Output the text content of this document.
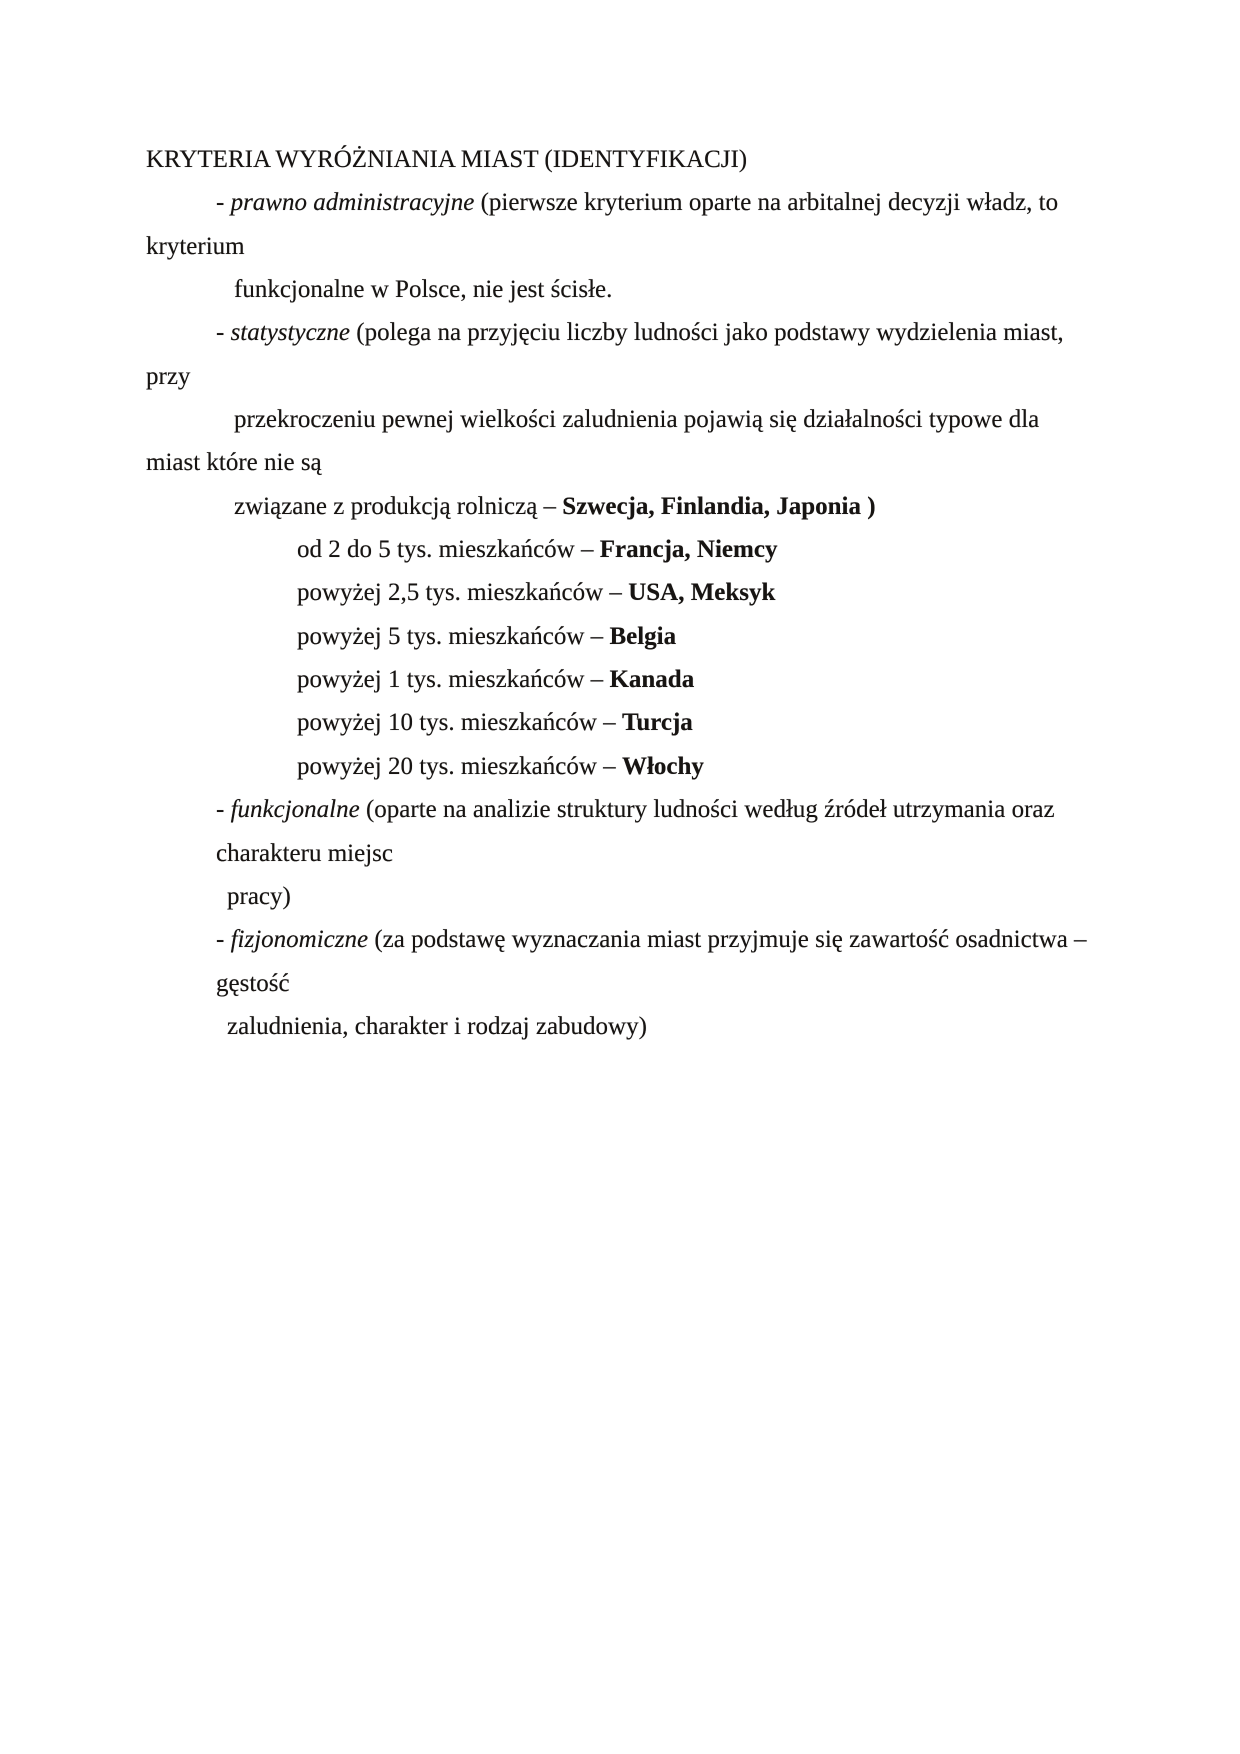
KRYTERIA WYRÓŻNIANIA MIAST (IDENTYFIKACJI)
- prawno administracyjne (pierwsze kryterium oparte na arbitalnej decyzji władz, to
kryterium
funkcjonalne w Polsce, nie jest ścisłe.
- statystyczne (polega na przyjęciu liczby ludności jako podstawy wydzielenia miast,
przy
przekroczeniu pewnej wielkości zaludnienia pojawią się działalności typowe dla
miast które nie są
związane z produkcją rolniczą – Szwecja, Finlandia, Japonia )
od 2 do 5 tys. mieszkańców – Francja, Niemcy
powyżej 2,5 tys. mieszkańców – USA, Meksyk
powyżej 5 tys. mieszkańców – Belgia
powyżej 1 tys. mieszkańców – Kanada
powyżej 10 tys. mieszkańców – Turcja
powyżej 20 tys. mieszkańców – Włochy
- funkcjonalne (oparte na analizie struktury ludności według źródeł utrzymania oraz
charakteru miejsc
pracy)
- fizjonomiczne (za podstawę wyznaczania miast przyjmuje się zawartość osadnictwa –
gęstość
zaludnienia, charakter i rodzaj zabudowy)
